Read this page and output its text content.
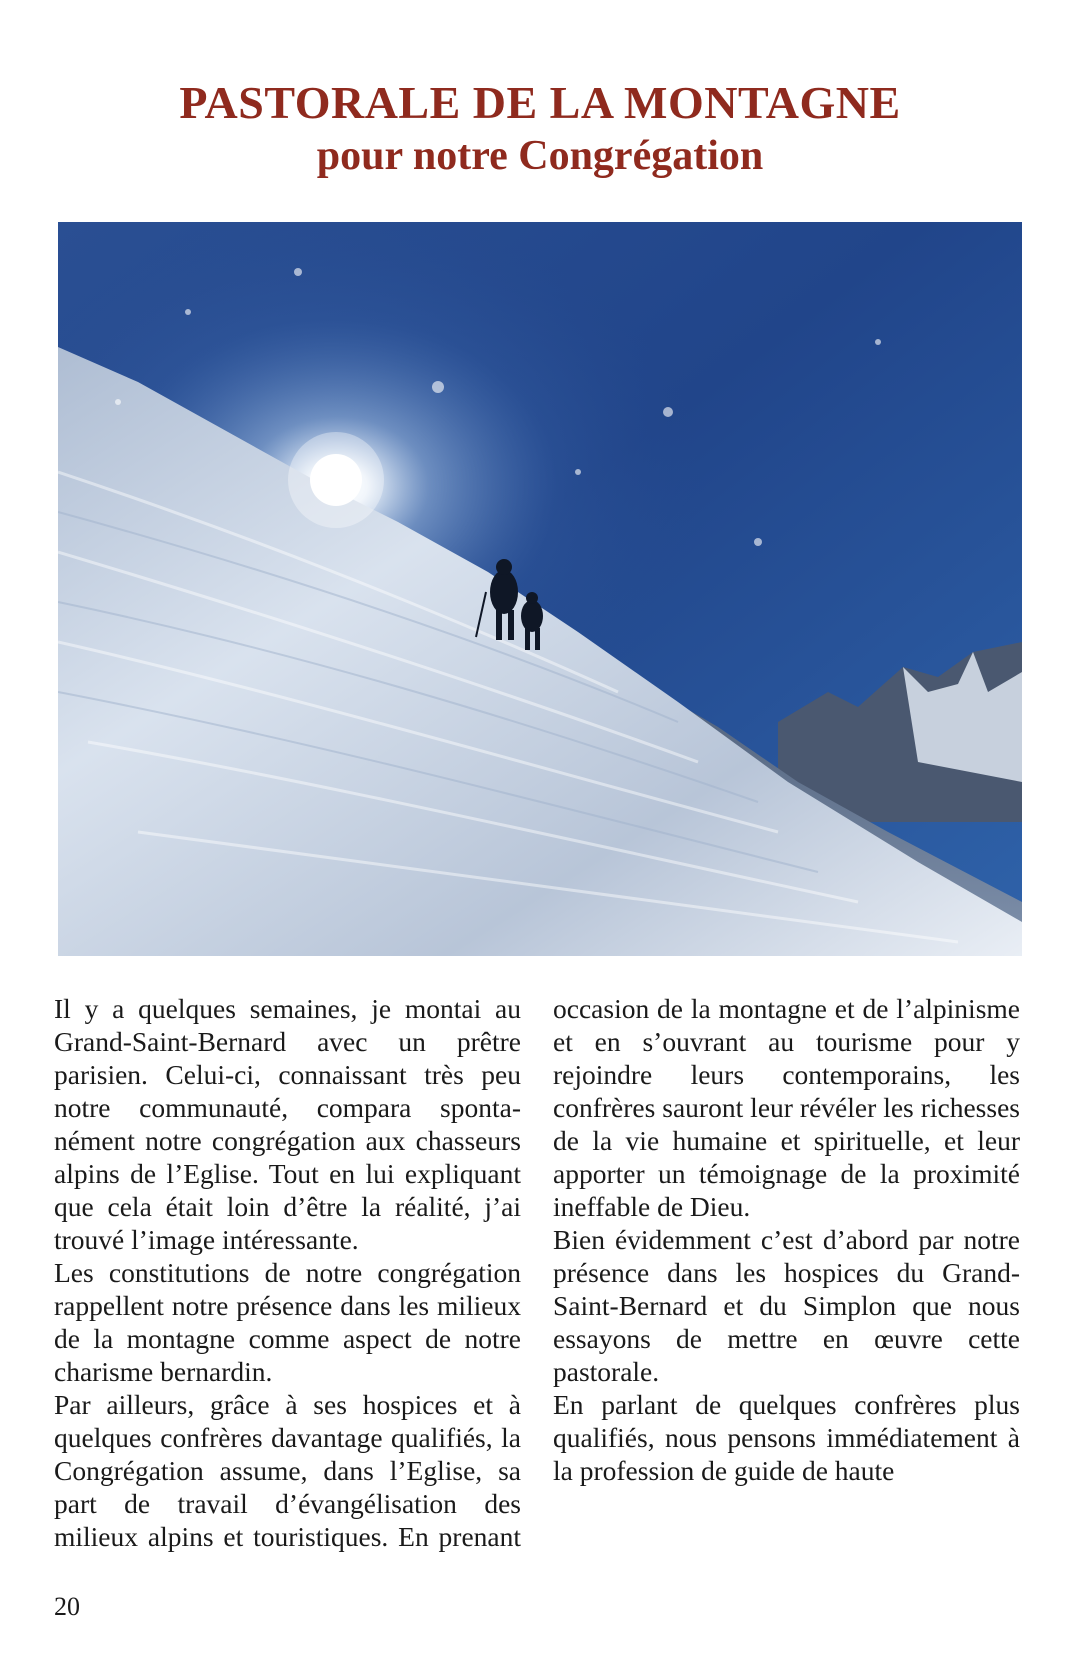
PASTORALE DE LA MONTAGNE
pour notre Congrégation

Il y a quelques semaines, je montai au Grand-Saint-Bernard avec un prêtre parisien. Celui-ci, connaissant très peu notre communauté, compara spontanément notre congrégation aux chasseurs alpins de l’Eglise. Tout en lui expliquant que cela était loin d’être la réalité, j’ai trouvé l’image intéressante.

Les constitutions de notre congrégation rappellent notre présence dans les milieux de la montagne comme aspect de notre charisme bernardin.

Par ailleurs, grâce à ses hospices et à quelques confrères davantage qualifiés, la Congrégation assume, dans l’Eglise, sa part de travail d’évangélisation des milieux alpins et touristiques. En prenant occasion de la montagne et de l’alpinisme et en s’ouvrant au tourisme pour y rejoindre leurs contemporains, les confrères sauront leur révéler les richesses de la vie humaine et spirituelle, et leur apporter un témoignage de la proximité ineffable de Dieu.

Bien évidemment c’est d’abord par notre présence dans les hospices du Grand-Saint-Bernard et du Simplon que nous essayons de mettre en œuvre cette pastorale.

En parlant de quelques confrères plus qualifiés, nous pensons immédiatement à la profession de guide de haute

20
